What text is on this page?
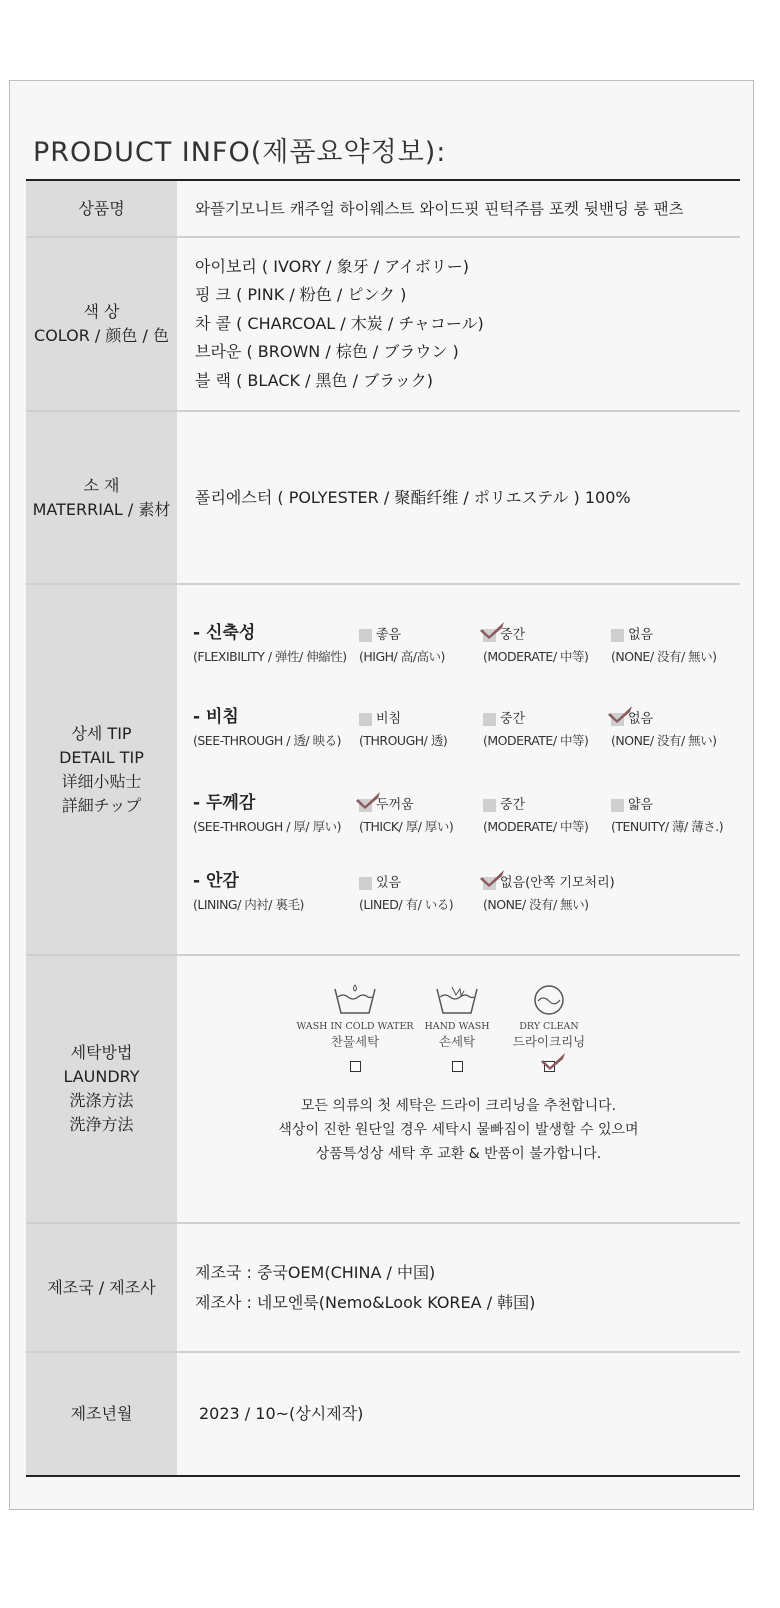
PRODUCT INFO(제품요약정보):
상품명	와플기모니트 캐주얼 하이웨스트 와이드핏 핀턱주름 포켓 뒷밴딩 롱 팬츠
색 상
COLOR / 颜色 / 色
아이보리 ( IVORY / 象牙 / アイボリー)
핑 크 ( PINK / 粉色 / ピンク )
차 콜 ( CHARCOAL / 木炭 / チャコール)
브라운 ( BROWN / 棕色 / ブラウン )
블 랙 ( BLACK / 黑色 / ブラック)
소 재
MATERRIAL / 素材
폴리에스터 ( POLYESTER / 聚酯纤维 / ポリエステル ) 100%
상세 TIP
DETAIL TIP
详细小贴士
詳細チップ
- 신축성
(FLEXIBILITY / 弹性/ 伸縮性)
좋음
(HIGH/ 高/高い)
중간
(MODERATE/ 中等)
없음
(NONE/ 没有/ 無い)
- 비침
(SEE-THROUGH / 透/ 映る)
비침
(THROUGH/ 透)
중간
(MODERATE/ 中等)
없음
(NONE/ 没有/ 無い)
- 두께감
(SEE-THROUGH / 厚/ 厚い)
두꺼움
(THICK/ 厚/ 厚い)
중간
(MODERATE/ 中等)
얇음
(TENUITY/ 薄/ 薄さ.)
- 안감
(LINING/ 内衬/ 裏毛)
있음
(LINED/ 有/ いる)
없음(안쪽 기모처리)
(NONE/ 没有/ 無い)
세탁방법
LAUNDRY
洗涤方法
洗浄方法
WASH IN COLD WATER
찬물세탁
HAND WASH
손세탁
DRY CLEAN
드라이크리닝
모든 의류의 첫 세탁은 드라이 크리닝을 추천합니다.
색상이 진한 원단일 경우 세탁시 물빠짐이 발생할 수 있으며
상품특성상 세탁 후 교환 & 반품이 불가합니다.
제조국 / 제조사
제조국 : 중국OEM(CHINA / 中国)
제조사 : 네모엔룩(Nemo&Look KOREA / 韩国)
제조년월	2023 / 10~(상시제작)
